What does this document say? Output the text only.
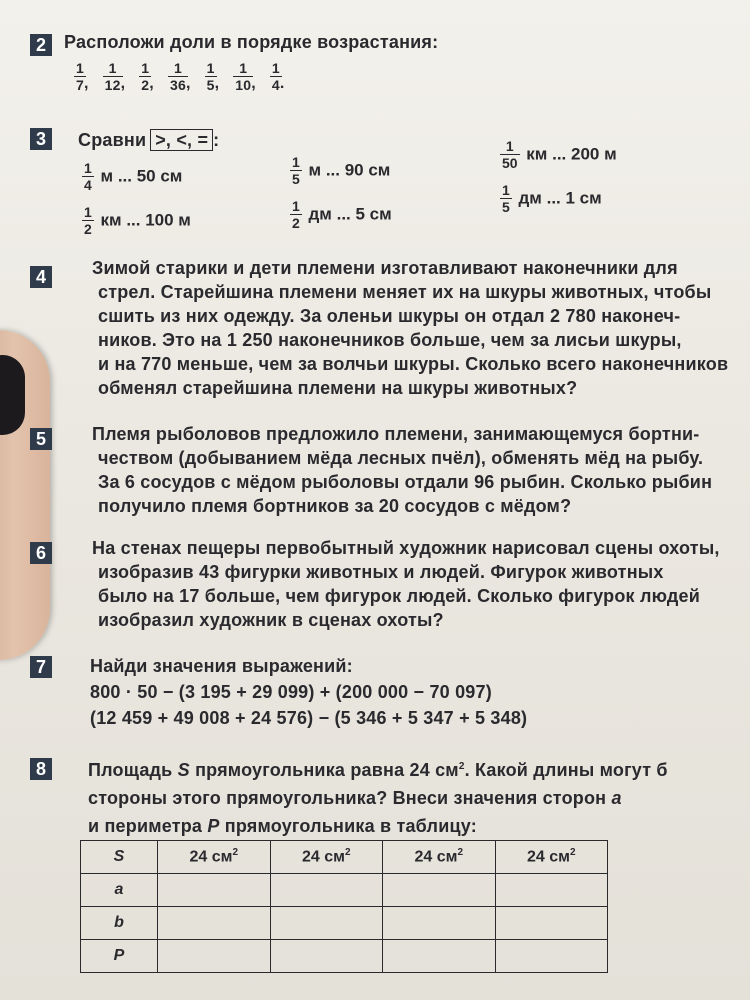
2	Расположи доли в порядке возрастания:
$\frac{1}{7}$
, $\frac{1}{12}$
, $\frac{1}{2}$
, $\frac{1}{36}$
, $\frac{1}{5}$
, $\frac{1}{10}$
, $\frac{1}{4}$
.
3	Сравни >, <, = :
$\frac{1}{4}$ м ... 50 см
$\frac{1}{2}$ км ... 100 м
$\frac{1}{5}$ м ... 90 см
$\frac{1}{2}$ дм ... 5 см
$\frac{1}{50}$ км ... 200 м
$\frac{1}{5}$ дм ... 1 см
4	Зимой старики и дети племени изготавливают наконечники для
стрел. Старейшина племени меняет их на шкуры животных, чтобы
сшить из них одежду. За оленьи шкуры он отдал 2 780 наконеч-
ников. Это на 1 250 наконечников больше, чем за лисьи шкуры,
и на 770 меньше, чем за волчьи шкуры. Сколько всего наконечников
обменял старейшина племени на шкуры животных?
5	Племя рыболовов предложило племени, занимающемуся бортни-
чеством (добыванием мёда лесных пчёл), обменять мёд на рыбу.
За 6 сосудов с мёдом рыболовы отдали 96 рыбин. Сколько рыбин
получило племя бортников за 20 сосудов с мёдом?
6	На стенах пещеры первобытный художник нарисовал сцены охоты,
изобразив 43 фигурки животных и людей. Фигурок животных
было на 17 больше, чем фигурок людей. Сколько фигурок людей
изобразил художник в сценах охоты?
7	Найди значения выражений:
800 · 50 − (3 195 + 29 099) + (200 000 − 70 097)
(12 459 + 49 008 + 24 576) − (5 346 + 5 347 + 5 348)
8	Площадь S прямоугольника равна 24 $см^2$. Какой длины могут б
стороны этого прямоугольника? Внеси значения сторон a
и периметра P прямоугольника в таблицу:
S	24 $см^2$	24 $см^2$	24 $см^2$	24 $см^2$
a				
b				
P				
